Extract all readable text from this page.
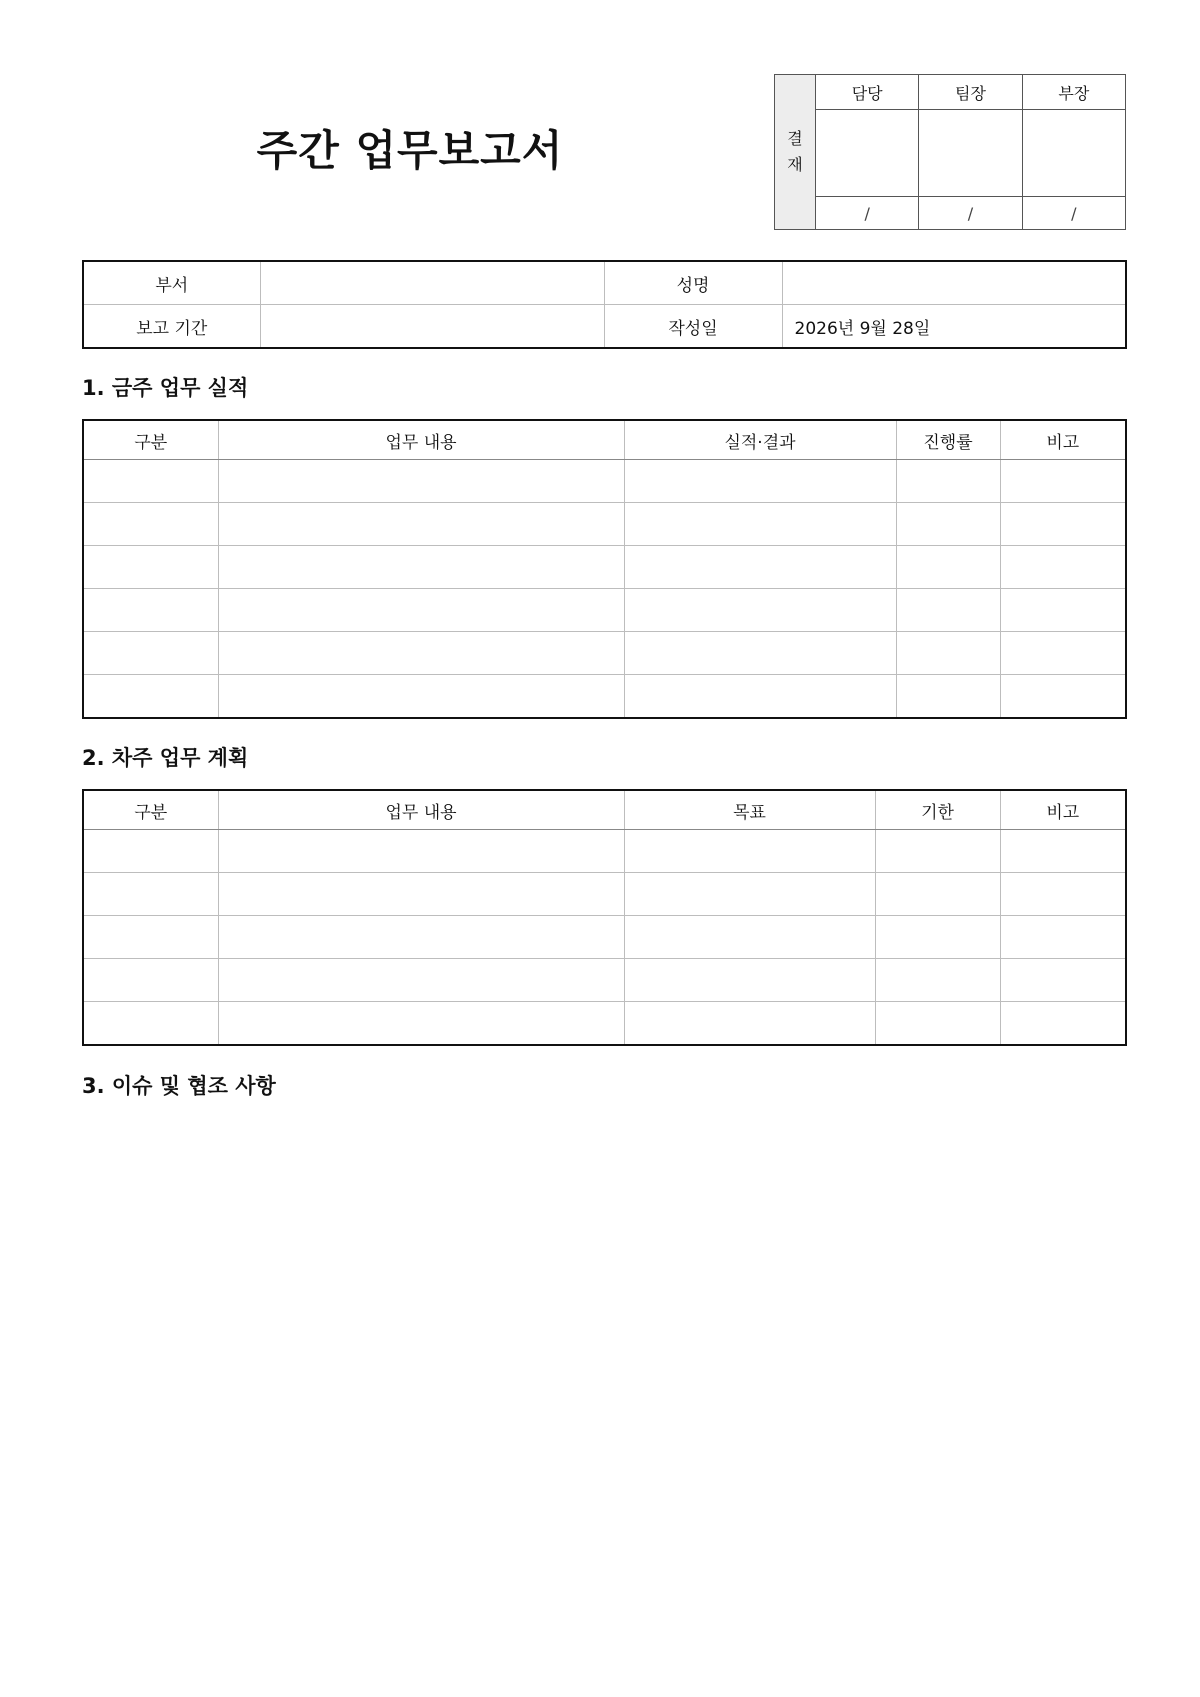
주간 업무보고서	결
재	담당	팀장	부장

	/	/	/
부서		성명	
보고 기간		작성일	2026년 9월 28일
1. 금주 업무 실적
구분	업무 내용	실적·결과	진행률	비고

2. 차주 업무 계획
구분	업무 내용	목표	기한	비고

3. 이슈 및 협조 사항
